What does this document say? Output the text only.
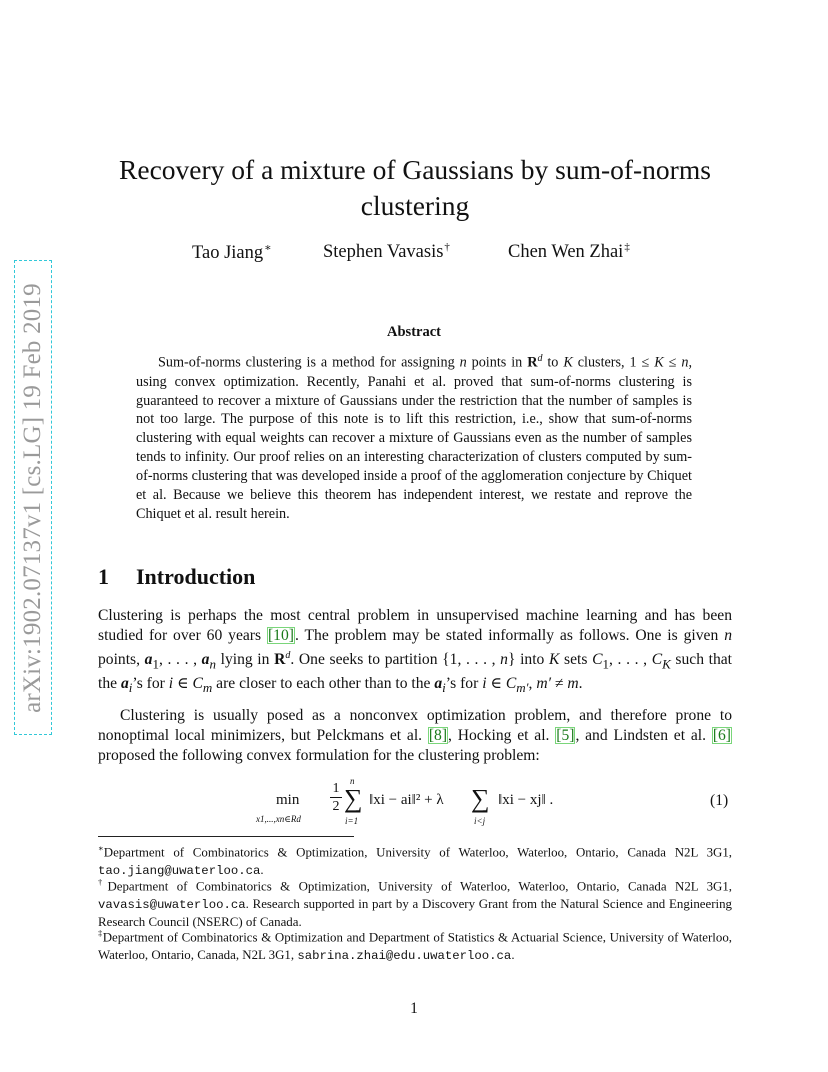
arXiv:1902.07137v1 [cs.LG] 19 Feb 2019
Recovery of a mixture of Gaussians by sum-of-norms clustering
Tao Jiang∗	Stephen Vavasis†	Chen Wen Zhai‡
Abstract
Sum-of-norms clustering is a method for assigning n points in $R^d$ to K clusters, 1 ≤ K ≤ n, using convex optimization. Recently, Panahi et al. proved that sum-of-norms clustering is guaranteed to recover a mixture of Gaussians under the restriction that the number of samples is not too large. The purpose of this note is to lift this restriction, i.e., show that sum-of-norms clustering with equal weights can recover a mixture of Gaussians even as the number of samples tends to infinity. Our proof relies on an interesting characterization of clusters computed by sum-of-norms clustering that was developed inside a proof of the agglomeration conjecture by Chiquet et al. Because we believe this theorem has independent interest, we restate and reprove the Chiquet et al. result herein.
1 Introduction
Clustering is perhaps the most central problem in unsupervised machine learning and has been studied for over 60 years [10]. The problem may be stated informally as follows. One is given n points, $a_1$, . . . , $a_n$ lying in $R^d$. One seeks to partition {1, . . . , n} into K sets $C_1$, . . . , $C_K$ such that the $a_i’s$ for i ∈ $C_m$ are closer to each other than to the $a_i’s$ for i ∈ $C_{m'}$, m′ ≠ m.
Clustering is usually posed as a nonconvex optimization problem, and therefore prone to nonoptimal local minimizers, but Pelckmans et al. [8], Hocking et al. [5], and Lindsten et al. [6] proposed the following convex formulation for the clustering problem:
min
x1,...,xn∈Rd
$\frac{1}{2}$ ∑
n
i=1
‖xi − ai‖² + λ ∑
i<j
‖xi − xj‖ .	(1)
∗Department of Combinatorics & Optimization, University of Waterloo, Waterloo, Ontario, Canada N2L 3G1, tao.jiang@uwaterloo.ca.
†Department of Combinatorics & Optimization, University of Waterloo, Waterloo, Ontario, Canada N2L 3G1, vavasis@uwaterloo.ca. Research supported in part by a Discovery Grant from the Natural Science and Engineering Research Council (NSERC) of Canada.
‡Department of Combinatorics & Optimization and Department of Statistics & Actuarial Science, University of Waterloo, Waterloo, Ontario, Canada, N2L 3G1, sabrina.zhai@edu.uwaterloo.ca.
1
